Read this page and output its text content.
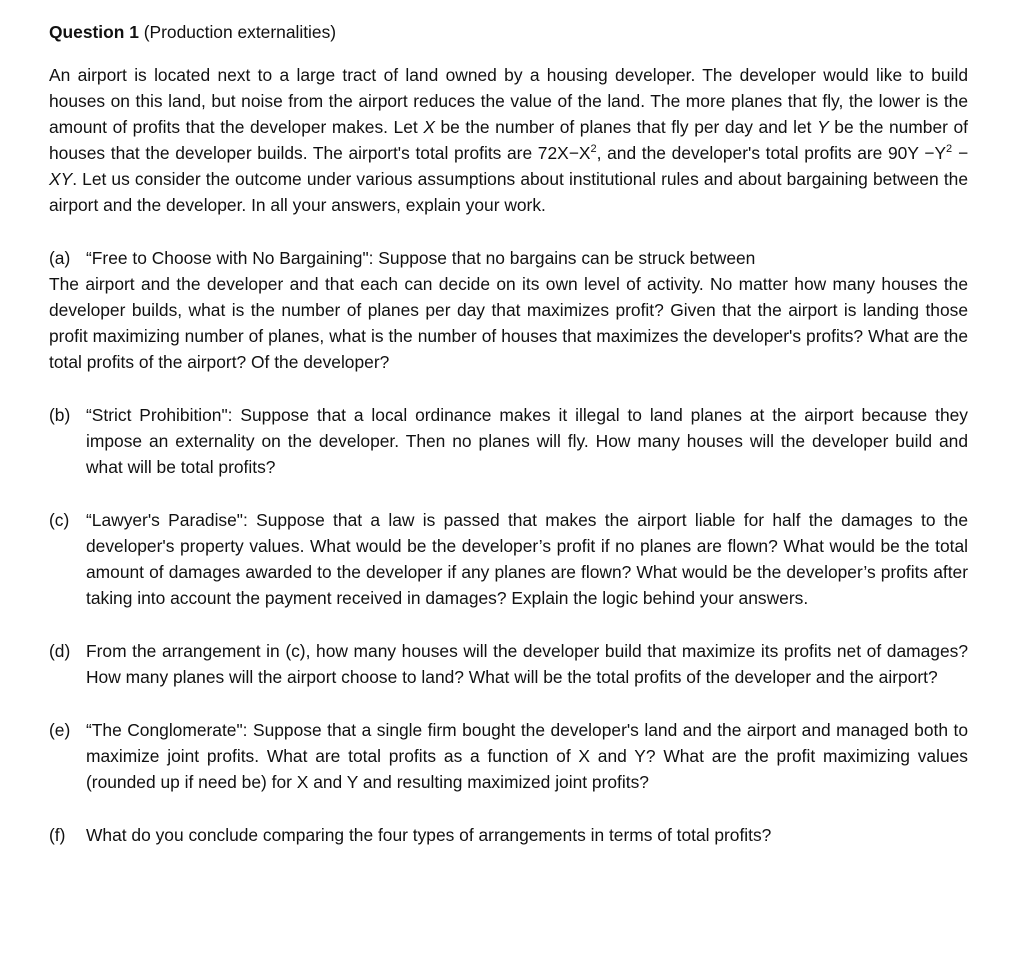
Question 1 (Production externalities)

An airport is located next to a large tract of land owned by a housing developer. The developer would like to build houses on this land, but noise from the airport reduces the value of the land. The more planes that fly, the lower is the amount of profits that the developer makes. Let X be the number of planes that fly per day and let Y be the number of houses that the developer builds. The airport's total profits are $72X-X^2$, and the developer's total profits are $90Y -Y^2$ − XY. Let us consider the outcome under various assumptions about institutional rules and about bargaining between the airport and the developer. In all your answers, explain your work.

(a) “Free to Choose with No Bargaining": Suppose that no bargains can be struck between
The airport and the developer and that each can decide on its own level of activity. No matter how many houses the developer builds, what is the number of planes per day that maximizes profit? Given that the airport is landing those profit maximizing number of planes, what is the number of houses that maximizes the developer's profits? What are the total profits of the airport? Of the developer?

(b) “Strict Prohibition": Suppose that a local ordinance makes it illegal to land planes at the airport because they impose an externality on the developer. Then no planes will fly. How many houses will the developer build and what will be total profits?
(c) “Lawyer's Paradise": Suppose that a law is passed that makes the airport liable for half the damages to the developer's property values. What would be the developer’s profit if no planes are flown? What would be the total amount of damages awarded to the developer if any planes are flown? What would be the developer’s profits after taking into account the payment received in damages? Explain the logic behind your answers.
(d) From the arrangement in (c), how many houses will the developer build that maximize its profits net of damages? How many planes will the airport choose to land? What will be the total profits of the developer and the airport?
(e) “The Conglomerate": Suppose that a single firm bought the developer's land and the airport and managed both to maximize joint profits. What are total profits as a function of X and Y? What are the profit maximizing values (rounded up if need be) for X and Y and resulting maximized joint profits?
(f)	What do you conclude comparing the four types of arrangements in terms of total profits?
